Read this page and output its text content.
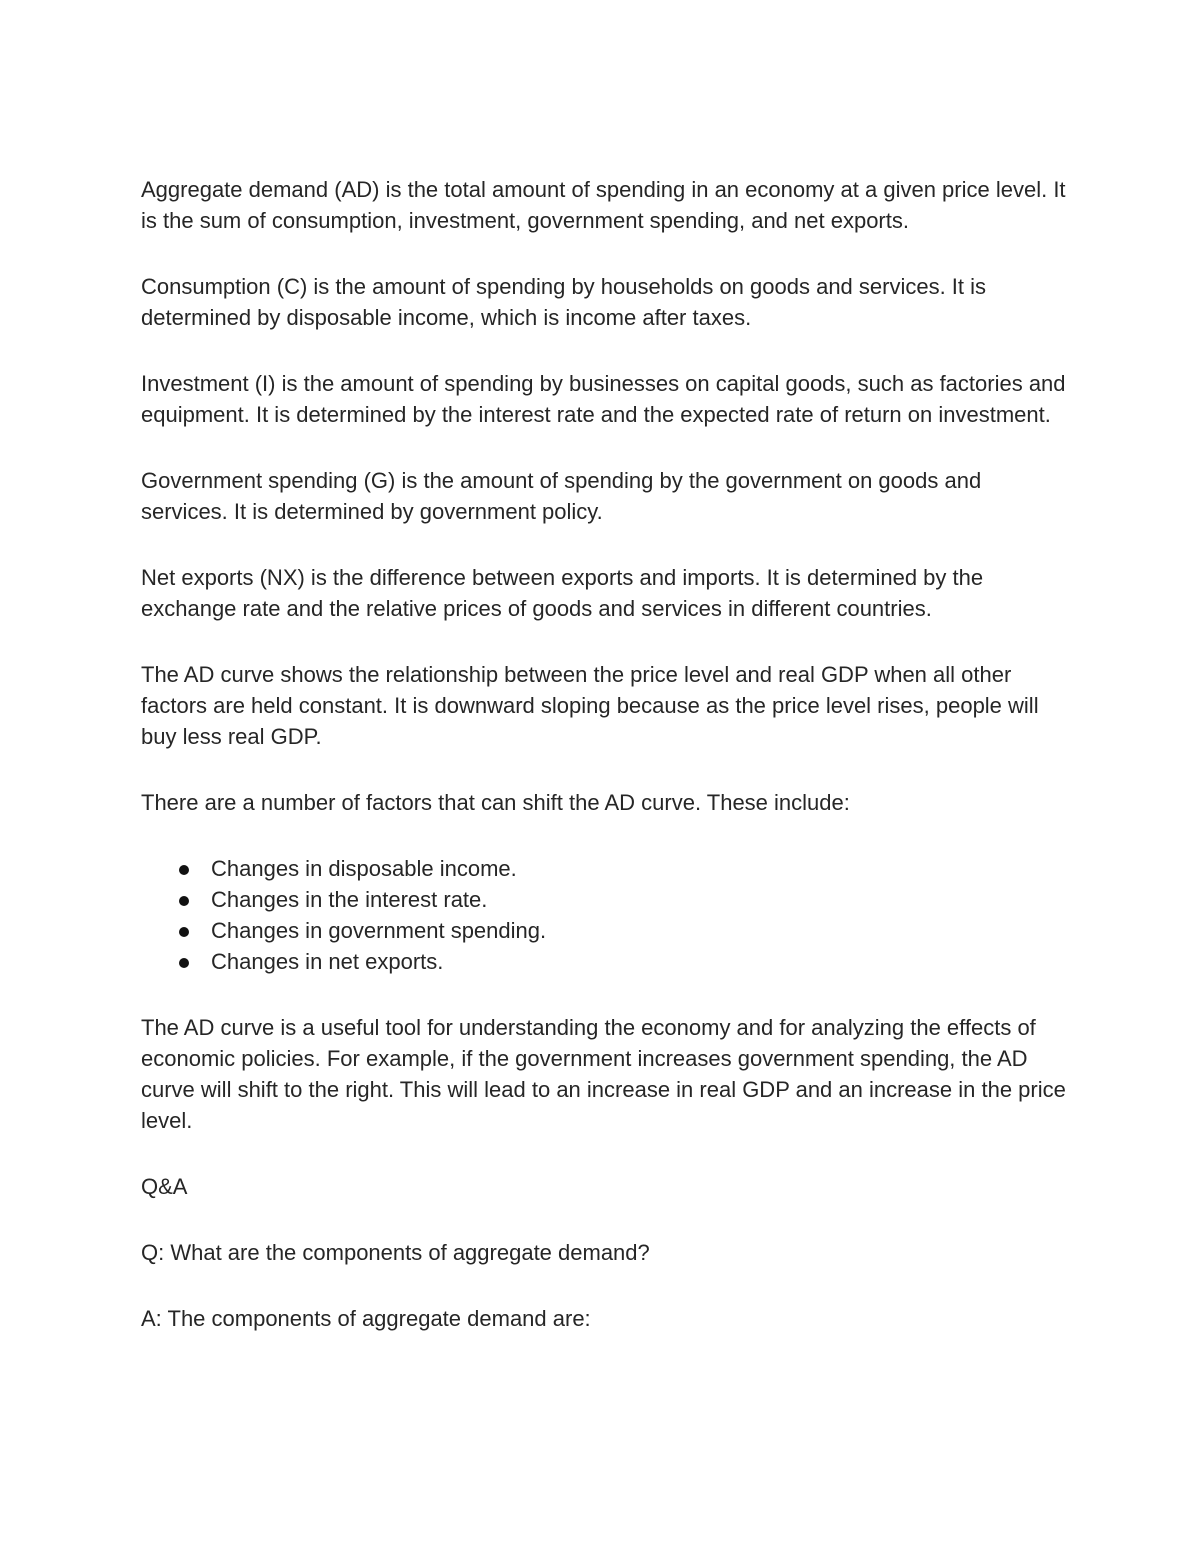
Aggregate demand (AD) is the total amount of spending in an economy at a given price level. It is the sum of consumption, investment, government spending, and net exports.

Consumption (C) is the amount of spending by households on goods and services. It is determined by disposable income, which is income after taxes.

Investment (I) is the amount of spending by businesses on capital goods, such as factories and equipment. It is determined by the interest rate and the expected rate of return on investment.

Government spending (G) is the amount of spending by the government on goods and services. It is determined by government policy.

Net exports (NX) is the difference between exports and imports. It is determined by the exchange rate and the relative prices of goods and services in different countries.

The AD curve shows the relationship between the price level and real GDP when all other factors are held constant. It is downward sloping because as the price level rises, people will buy less real GDP.

There are a number of factors that can shift the AD curve. These include:

Changes in disposable income.
Changes in the interest rate.
Changes in government spending.
Changes in net exports.

The AD curve is a useful tool for understanding the economy and for analyzing the effects of economic policies. For example, if the government increases government spending, the AD curve will shift to the right. This will lead to an increase in real GDP and an increase in the price level.

Q&A

Q: What are the components of aggregate demand?

A: The components of aggregate demand are:
